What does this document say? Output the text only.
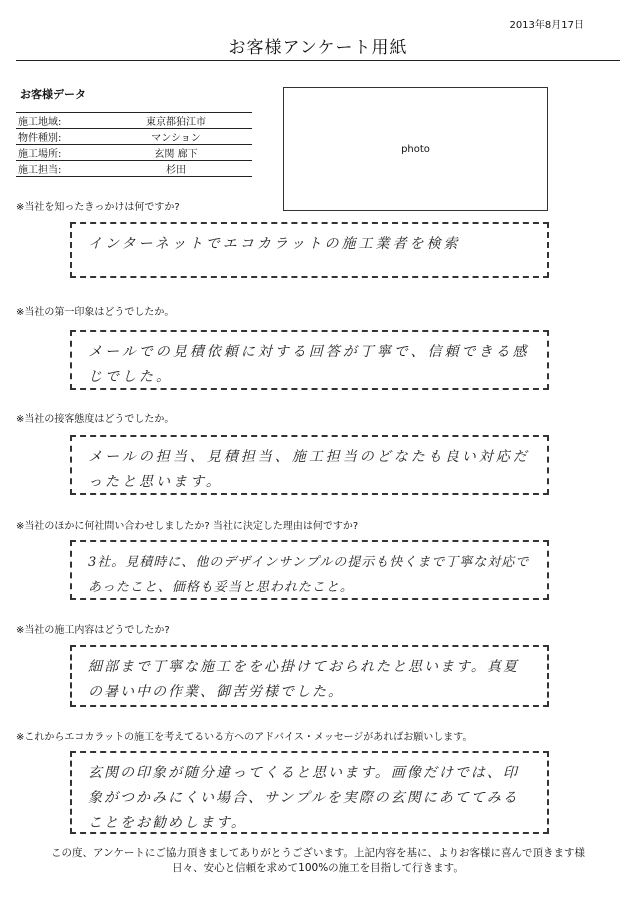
2013年8月17日
お客様アンケート用紙
お客様データ
施工地域:	東京都狛江市
物件種別:	マンション
施工場所:	玄関 廊下
施工担当:	杉田
photo
※当社を知ったきっかけは何ですか?
インターネットでエコカラットの施工業者を検索
※当社の第一印象はどうでしたか。
メールでの見積依頼に対する回答が丁寧で、信頼できる感じでした。
※当社の接客態度はどうでしたか。
メールの担当、見積担当、施工担当のどなたも良い対応だったと思います。
※当社のほかに何社問い合わせしましたか? 当社に決定した理由は何ですか?
3社。見積時に、他のデザインサンプルの提示も快くまで丁寧な対応であったこと、価格も妥当と思われたこと。
※当社の施工内容はどうでしたか?
細部まで丁寧な施工をを心掛けておられたと思います。真夏の暑い中の作業、御苦労様でした。
※これからエコカラットの施工を考えてるいる方へのアドバイス・メッセージがあればお願いします。
玄関の印象が随分違ってくると思います。画像だけでは、印象がつかみにくい場合、サンプルを実際の玄関にあててみることをお勧めします。
この度、アンケートにご協力頂きましてありがとうございます。上記内容を基に、よりお客様に喜んで頂きます様
日々、安心と信頼を求めて100%の施工を目指して行きます。
